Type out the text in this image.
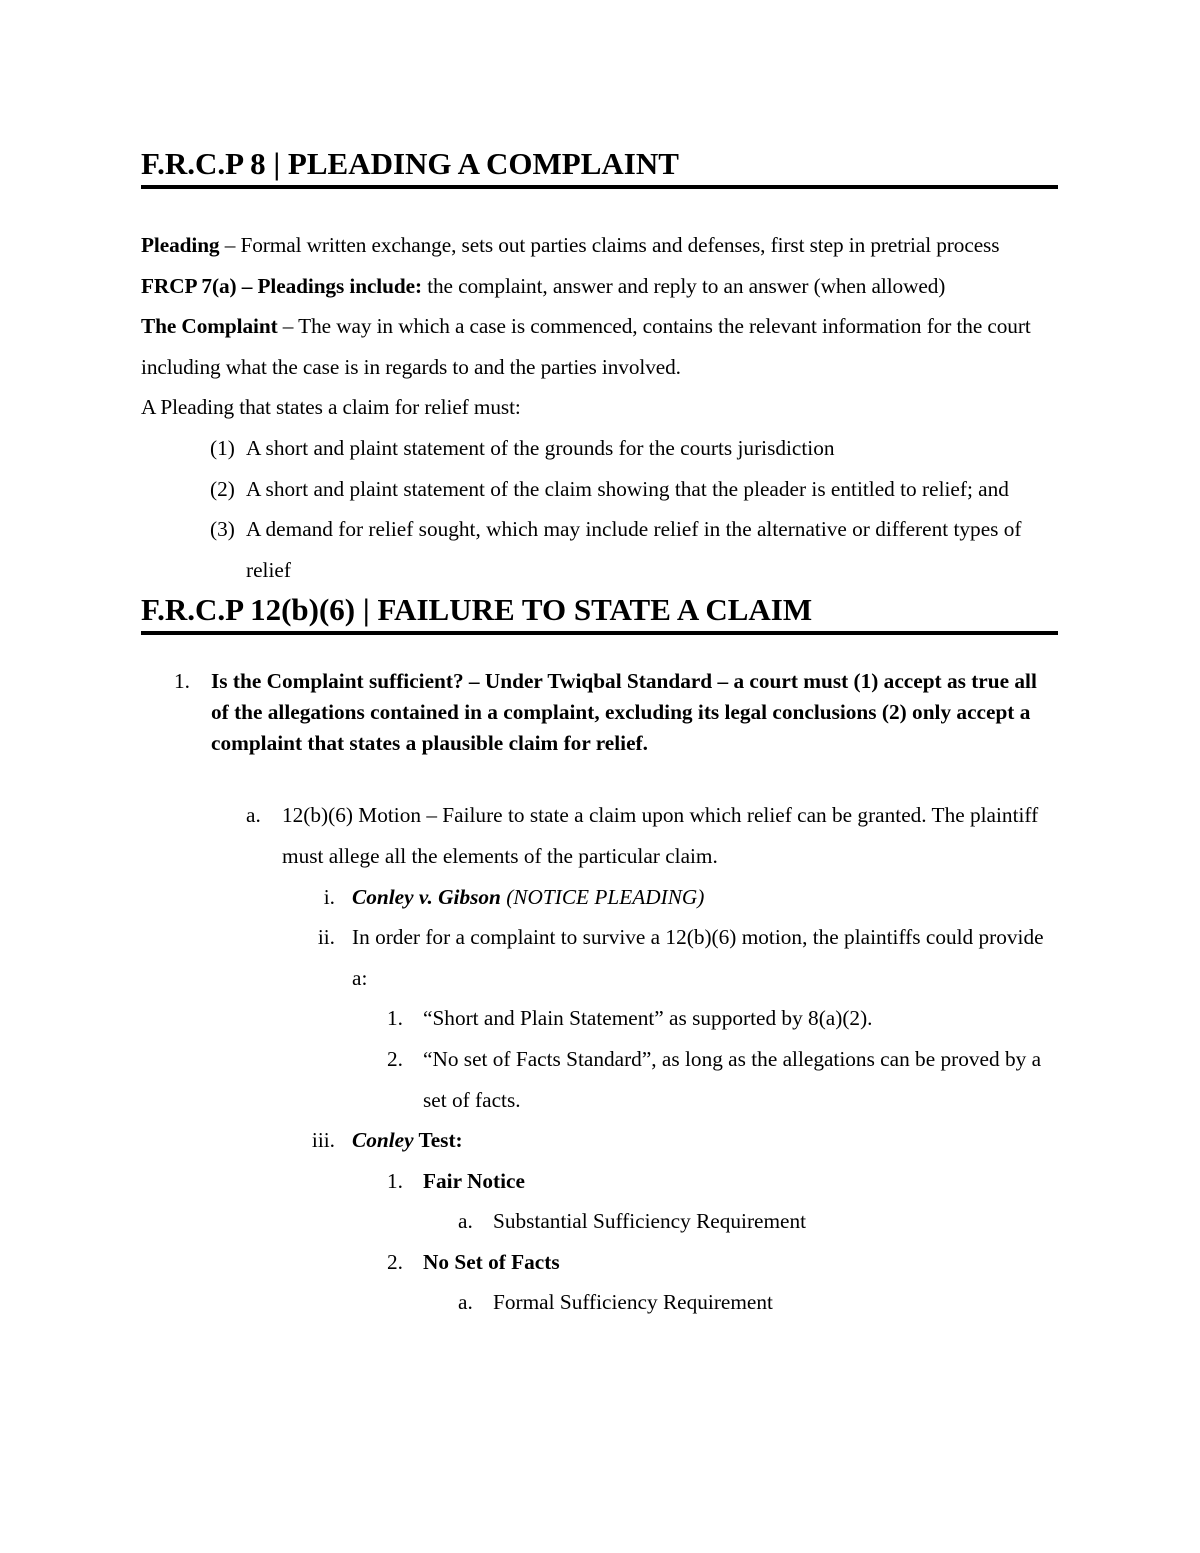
F.R.C.P 8 | PLEADING A COMPLAINT

Pleading – Formal written exchange, sets out parties claims and defenses, first step in pretrial process

FRCP 7(a) – Pleadings include: the complaint, answer and reply to an answer (when allowed)

The Complaint – The way in which a case is commenced, contains the relevant information for the court including what the case is in regards to and the parties involved.

A Pleading that states a claim for relief must:

(1) A short and plaint statement of the grounds for the courts jurisdiction
(2) A short and plaint statement of the claim showing that the pleader is entitled to relief; and
(3) A demand for relief sought, which may include relief in the alternative or different types of relief
F.R.C.P 12(b)(6) | FAILURE TO STATE A CLAIM
1. Is the Complaint sufficient? – Under Twiqbal Standard – a court must (1) accept as true all of the allegations contained in a complaint, excluding its legal conclusions (2) only accept a complaint that states a plausible claim for relief.
a. 12(b)(6) Motion – Failure to state a claim upon which relief can be granted. The plaintiff must allege all the elements of the particular claim.
i. Conley v. Gibson (NOTICE PLEADING)
ii. In order for a complaint to survive a 12(b)(6) motion, the plaintiffs could provide a:
1. “Short and Plain Statement” as supported by 8(a)(2).
2. “No set of Facts Standard”, as long as the allegations can be proved by a set of facts.
iii. Conley Test:
1. Fair Notice
a. Substantial Sufficiency Requirement
2. No Set of Facts
a. Formal Sufficiency Requirement
